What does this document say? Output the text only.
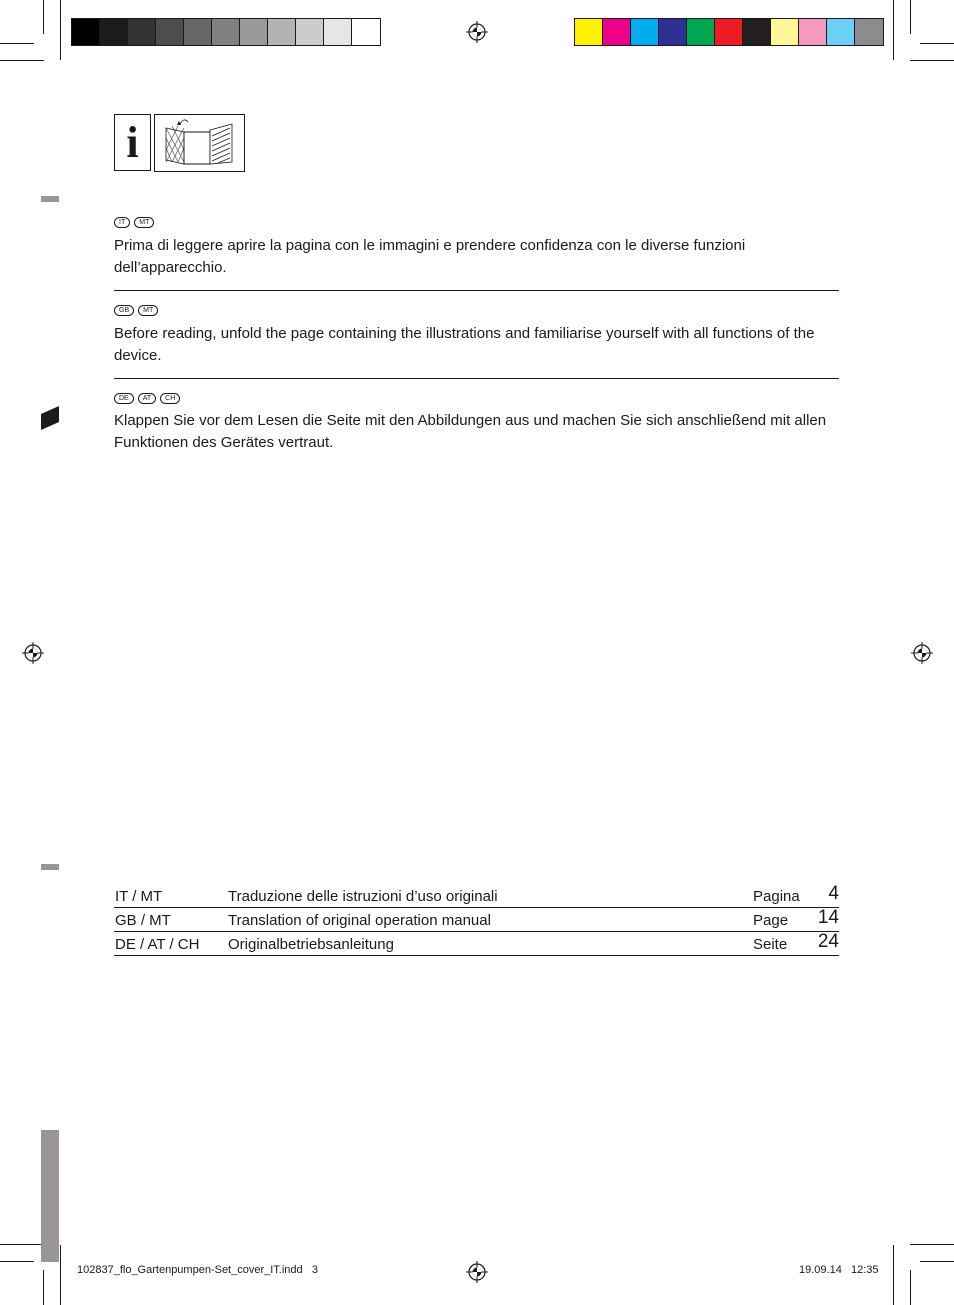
i
IT	MT
Prima di leggere aprire la pagina con le immagini e prendere confidenza con le diverse funzioni dell’apparecchio.
GB	MT
Before reading, unfold the page containing the illustrations and familiarise yourself with all functions of the device.
DE	AT	CH
Klappen Sie vor dem Lesen die Seite mit den Abbildungen aus und machen Sie sich anschließend mit allen Funktionen des Gerätes vertraut.
IT / MT	Traduzione delle istruzioni d’uso originali	Pagina 4
GB / MT	Translation of original operation manual	Page 14
DE / AT / CH Originalbetriebsanleitung	Seite 24
102837_flo_Gartenpumpen-Set_cover_IT.indd   3	19.09.14   12:35
